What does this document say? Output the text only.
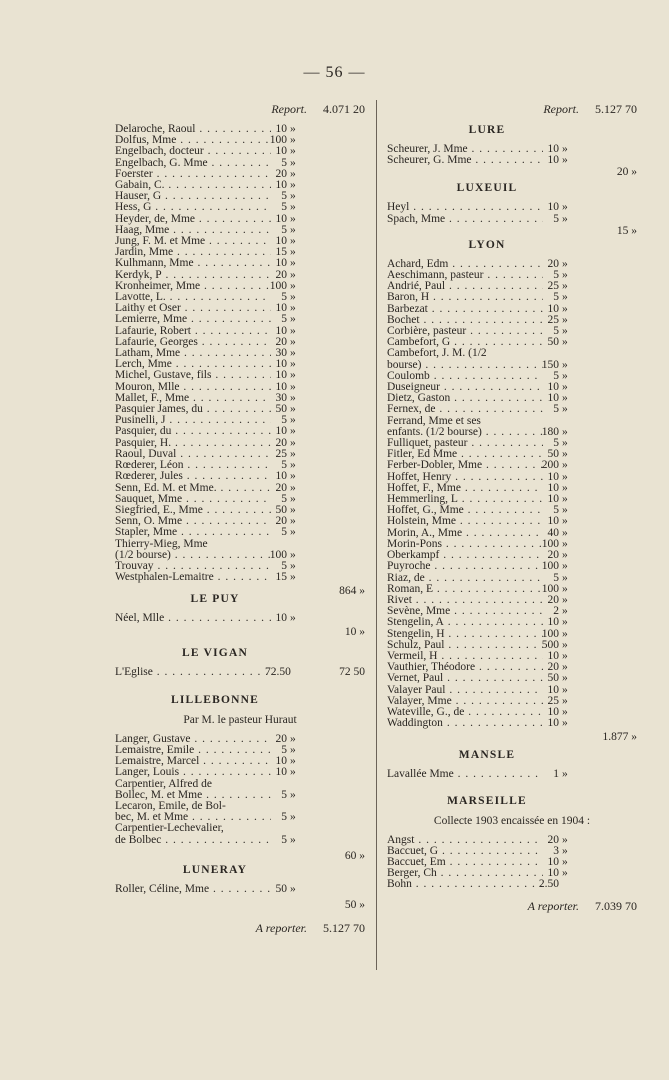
— 56 —
Report. 4.071 20
Delaroche, Raoul . . .	10 »
Dolfus, Mme . . .	100 »
Engelbach, docteur . . .	10 »
Engelbach, G. Mme . . .	5 »
Foerster . . .	20 »
Gabain, C. . . .	10 »
Hauser, G . . .	5 »
Hess, G . . .	5 »
Heyder, de, Mme . . .	10 »
Haag, Mme . . .	5 »
Jung, F. M. et Mme . . .	10 »
Jardin, Mme . . .	15 »
Kulhmann, Mme . . .	10 »
Kerdyk, P . . .	20 »
Kronheimer, Mme . . .	100 »
Lavotte, L. . . .	5 »
Laithy et Oser . . .	10 »
Lemierre, Mme . . .	5 »
Lafaurie, Robert . . .	10 »
Lafaurie, Georges . . .	20 »
Latham, Mme . . .	30 »
Lerch, Mme . . .	10 »
Michel, Gustave, fils . . .	10 »
Mouron, Mlle . . .	10 »
Mallet, F., Mme . . .	30 »
Pasquier James, du . . .	50 »
Pusinelli, J . . .	5 »
Pasquier, du . . .	10 »
Pasquier, H. . . .	20 »
Raoul, Duval . . .	25 »
Rœderer, Léon . . .	5 »
Rœderer, Jules . . .	10 »
Senn, Ed. M. et Mme. . . .	20 »
Sauquet, Mme . . .	5 »
Siegfried, E., Mme . . .	50 »
Senn, O. Mme . . .	20 »
Stapler, Mme . . .	5 »
Thierry-Mieg, Mme
(1/2 bourse) . . .	100 »
Trouvay . . .	5 »
Westphalen-Lemaitre . . .	15 »
864 »
LE PUY
Néel, Mlle . . .	10 »
10 »
LE VIGAN
L'Eglise . . .	72.50	72 50
LILLEBONNE
Par M. le pasteur Huraut
Langer, Gustave . . .	20 »
Lemaistre, Emile . . .	5 »
Lemaistre, Marcel . . .	10 »
Langer, Louis . . .	10 »
Carpentier, Alfred de
Bollec, M. et Mme . . .	5 »
Lecaron, Emile, de Bol-
bec, M. et Mme . . .	5 »
Carpentier-Lechevalier,
de Bolbec . . .	5 »
60 »
LUNERAY
Roller, Céline, Mme . . .	50 »
50 »
A reporter. 5.127 70
Report. 5.127 70
LURE
Scheurer, J. Mme . . .	10 »
Scheurer, G. Mme . . .	10 »
20 »
LUXEUIL
Heyl . . .	10 »
Spach, Mme . . .	5 »
15 »
LYON
Achard, Edm . . .	20 »
Aeschimann, pasteur . . .	5 »
Andrié, Paul . . .	25 »
Baron, H . . .	5 »
Barbezat . . .	10 »
Bochet . . .	25 »
Corbière, pasteur . . .	5 »
Cambefort, G . . .	50 »
Cambefort, J. M. (1/2
bourse) . . .	150 »
Coulomb . . .	5 »
Duseigneur . . .	10 »
Dietz, Gaston . . .	10 »
Fernex, de . . .	5 »
Ferrand, Mme et ses
enfants. (1/2 bourse) . . .	180 »
Fulliquet, pasteur . . .	5 »
Fitler, Ed Mme . . .	50 »
Ferber-Dobler, Mme . . .	200 »
Hoffet, Henry . . .	10 »
Hoffet, F., Mme . . .	10 »
Hemmerling, L . . .	10 »
Hoffet, G., Mme . . .	5 »
Holstein, Mme . . .	10 »
Morin, A., Mme . . .	40 »
Morin-Pons . . .	100 »
Oberkampf . . .	20 »
Puyroche . . .	100 »
Riaz, de . . .	5 »
Roman, E . . .	100 »
Rivet . . .	20 »
Sevène, Mme . . .	2 »
Stengelin, A . . .	10 »
Stengelin, H . . .	100 »
Schulz, Paul . . .	500 »
Vermeil, H . . .	10 »
Vauthier, Théodore . . .	20 »
Vernet, Paul . . .	50 »
Valayer Paul . . .	10 »
Valayer, Mme . . .	25 »
Wateville, G., de . . .	10 »
Waddington . . .	10 »
1.877 »
MANSLE
Lavallée Mme . . .	1 »
MARSEILLE
Collecte 1903 encaissée en 1904 :
Angst . . .	20 »
Baccuet, G . . .	3 »
Baccuet, Em . . .	10 »
Berger, Ch . . .	10 »
Bohn . . .	2.50
A reporter. 7.039 70
